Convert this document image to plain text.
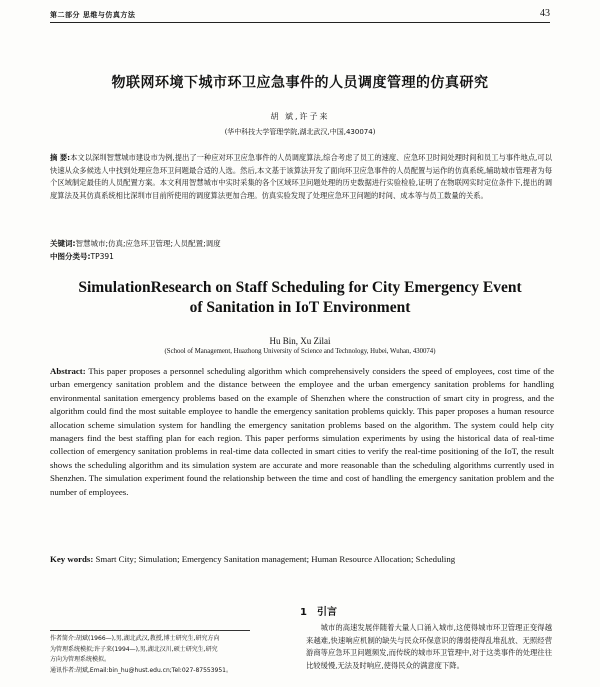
第二部分 思维与仿真方法	43
物联网环境下城市环卫应急事件的人员调度管理的仿真研究
胡 斌,许子来
(华中科技大学管理学院,湖北武汉,中国,430074)
摘 要:本文以深圳智慧城市建设市为例,提出了一种应对环卫应急事件的人员调度算法,综合考虑了员工的速度、应急环卫时间处理时间和员工与事件地点,可以快速从众多候选人中找到处理应急环卫问题最合适的人选。然后,本文基于该算法开发了面向环卫应急事件的人员配置与运作的仿真系统,辅助城市管理者为每个区域制定最佳的人员配置方案。本文利用智慧城市中实时采集的各个区域环卫问题处理的历史数据进行实验检验,证明了在物联网实时定位条件下,提出的调度算法及其仿真系统相比深圳市目前所使用的调度算法更加合理。仿真实验发现了处理应急环卫问题的时间、成本等与员工数量的关系。
关键词:智慧城市;仿真;应急环卫管理;人员配置;调度
中图分类号:TP391
SimulationResearch on Staff Scheduling for City Emergency Event
of Sanitation in IoT Environment
Hu Bin, Xu Zilai
(School of Management, Huazhong University of Science and Technology, Hubei, Wuhan, 430074)
Abstract: This paper proposes a personnel scheduling algorithm which comprehensively considers the speed of employees, cost time of the urban emergency sanitation problem and the distance between the employee and the urban emergency sanitation problems for handling environmental sanitation emergency problems based on the example of Shenzhen where the construction of smart city in progress, and the algorithm could find the most suitable employee to handle the emergency sanitation problems quickly. This paper proposes a human resource allocation scheme simulation system for handling the emergency sanitation problems based on the algorithm. The system could help city managers find the best staffing plan for each region. This paper performs simulation experiments by using the historical data of real-time collection of emergency sanitation problems in real-time data collected in smart cities to verify the real-time positioning of the IoT, the result shows the scheduling algorithm and its simulation system are accurate and more reasonable than the scheduling algorithms currently used in Shenzhen. The simulation experiment found the relationship between the time and cost of handling the emergency sanitation problem and the number of employees.
Key words: Smart City; Simulation; Emergency Sanitation management; Human Resource Allocation; Scheduling
1 引言
城市的高速发展伴随着大量人口涌入城市,这使得城市环卫管理正变得越来越难,快速响应机制的缺失与民众环保意识的薄弱使得乱堆乱放、无照经营游商等应急环卫问题频发,而传统的城市环卫管理中,对于这类事件的处理往往比较缓慢,无法及时响应,使得民众的满意度下降。
作者简介:胡斌(1966—),男,湖北武汉,教授,博士研究生,研究方向
为管理系统模拟;许子来(1994—),男,湖北汉川,硕士研究生,研究
方向为管理系统模拟。
通讯作者:胡斌,Email:bin_hu@hust.edu.cn;Tel:027-87553951。
